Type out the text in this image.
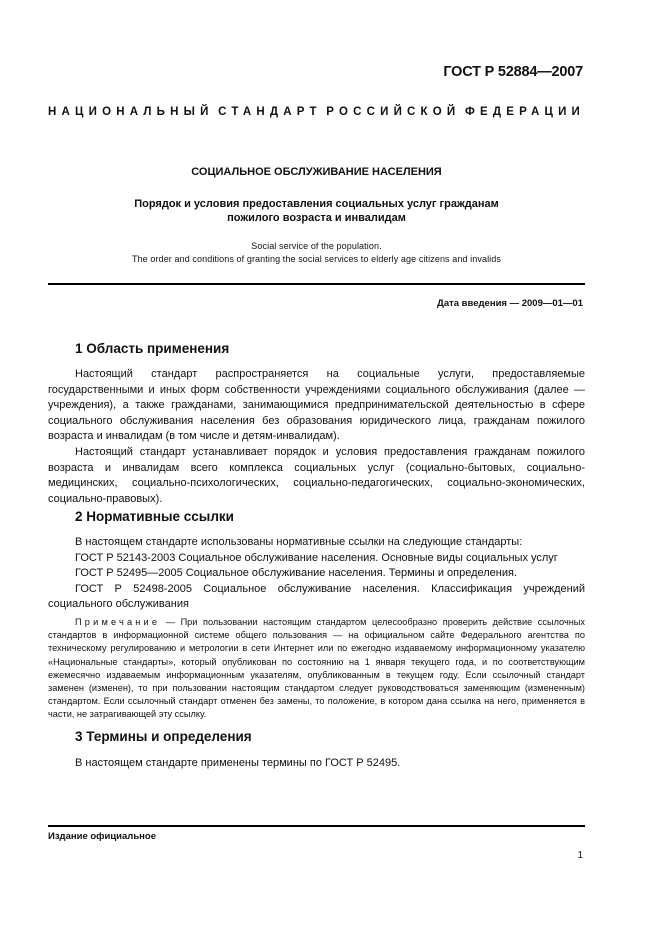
ГОСТ Р 52884—2007
НАЦИОНАЛЬНЫЙ СТАНДАРТ РОССИЙСКОЙ ФЕДЕРАЦИИ
СОЦИАЛЬНОЕ ОБСЛУЖИВАНИЕ НАСЕЛЕНИЯ
Порядок и условия предоставления социальных услуг гражданам
пожилого возраста и инвалидам
Social service of the population.
The order and conditions of granting the social services to elderly age citizens and invalids
Дата введения — 2009—01—01
1 Область применения

Настоящий стандарт распространяется на социальные услуги, предоставляемые государственными и иных форм собственности учреждениями социального обслуживания (далее — учреждения), а также гражданами, занимающимися предпринимательской деятельностью в сфере социального обслуживания населения без образования юридического лица, гражданам пожилого возраста и инвалидам (в том числе и детям-инвалидам).

Настоящий стандарт устанавливает порядок и условия предоставления гражданам пожилого возраста и инвалидам всего комплекса социальных услуг (социально-бытовых, социально-медицинских, социально-психологических, социально-педагогических, социально-экономических, социально-правовых).

2 Нормативные ссылки

В настоящем стандарте использованы нормативные ссылки на следующие стандарты:

ГОСТ Р 52143-2003 Социальное обслуживание населения. Основные виды социальных услуг

ГОСТ Р 52495—2005 Социальное обслуживание населения. Термины и определения.

ГОСТ Р 52498-2005 Социальное обслуживание населения. Классификация учреждений социального обслуживания

Примечание — При пользовании настоящим стандартом целесообразно проверить действие ссылочных стандартов в информационной системе общего пользования — на официальном сайте Федерального агентства по техническому регулированию и метрологии в сети Интернет или по ежегодно издаваемому информационному указателю «Национальные стандарты», который опубликован по состоянию на 1 января текущего года, и по соответствующим ежемесячно издаваемым информационным указателям, опубликованным в текущем году. Если ссылочный стандарт заменен (изменен), то при пользовании настоящим стандартом следует руководствоваться заменяющим (измененным) стандартом. Если ссылочный стандарт отменен без замены, то положение, в котором дана ссылка на него, применяется в части, не затрагивающей эту ссылку.

3 Термины и определения
В настоящем стандарте применены термины по ГОСТ Р 52495.
Издание официальное
1
